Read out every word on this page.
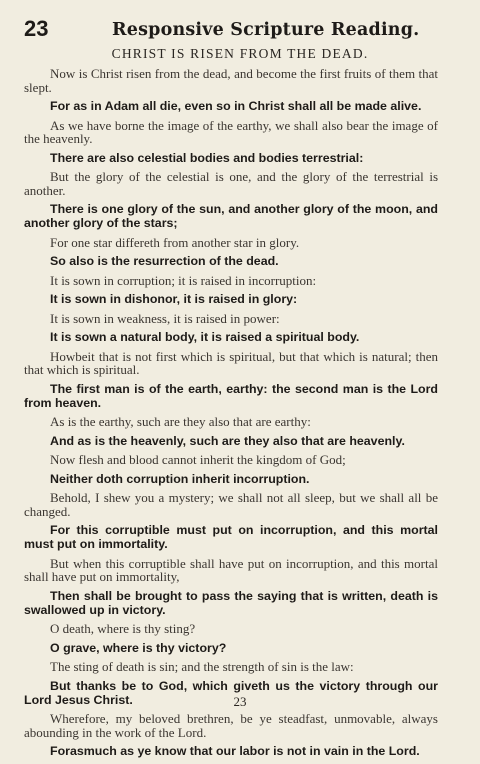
23	Responsive Scripture Reading.
CHRIST IS RISEN FROM THE DEAD.

Now is Christ risen from the dead, and become the first fruits of them that slept.

For as in Adam all die, even so in Christ shall all be made alive.

As we have borne the image of the earthy, we shall also bear the image of the heavenly.

There are also celestial bodies and bodies terrestrial:

But the glory of the celestial is one, and the glory of the terrestrial is another.

There is one glory of the sun, and another glory of the moon, and another glory of the stars;

For one star differeth from another star in glory.

So also is the resurrection of the dead.

It is sown in corruption; it is raised in incorruption:

It is sown in dishonor, it is raised in glory:

It is sown in weakness, it is raised in power:

It is sown a natural body, it is raised a spiritual body.

Howbeit that is not first which is spiritual, but that which is natural; then that which is spiritual.

The first man is of the earth, earthy: the second man is the Lord from heaven.

As is the earthy, such are they also that are earthy:

And as is the heavenly, such are they also that are heavenly.

Now flesh and blood cannot inherit the kingdom of God;

Neither doth corruption inherit incorruption.

Behold, I shew you a mystery; we shall not all sleep, but we shall all be changed.

For this corruptible must put on incorruption, and this mortal must put on immortality.

But when this corruptible shall have put on incorruption, and this mortal shall have put on immortality,

Then shall be brought to pass the saying that is written, death is swallowed up in victory.

O death, where is thy sting?

O grave, where is thy victory?

The sting of death is sin; and the strength of sin is the law:

But thanks be to God, which giveth us the victory through our Lord Jesus Christ.

Wherefore, my beloved brethren, be ye steadfast, unmovable, always abounding in the work of the Lord.

Forasmuch as ye know that our labor is not in vain in the Lord.

23
